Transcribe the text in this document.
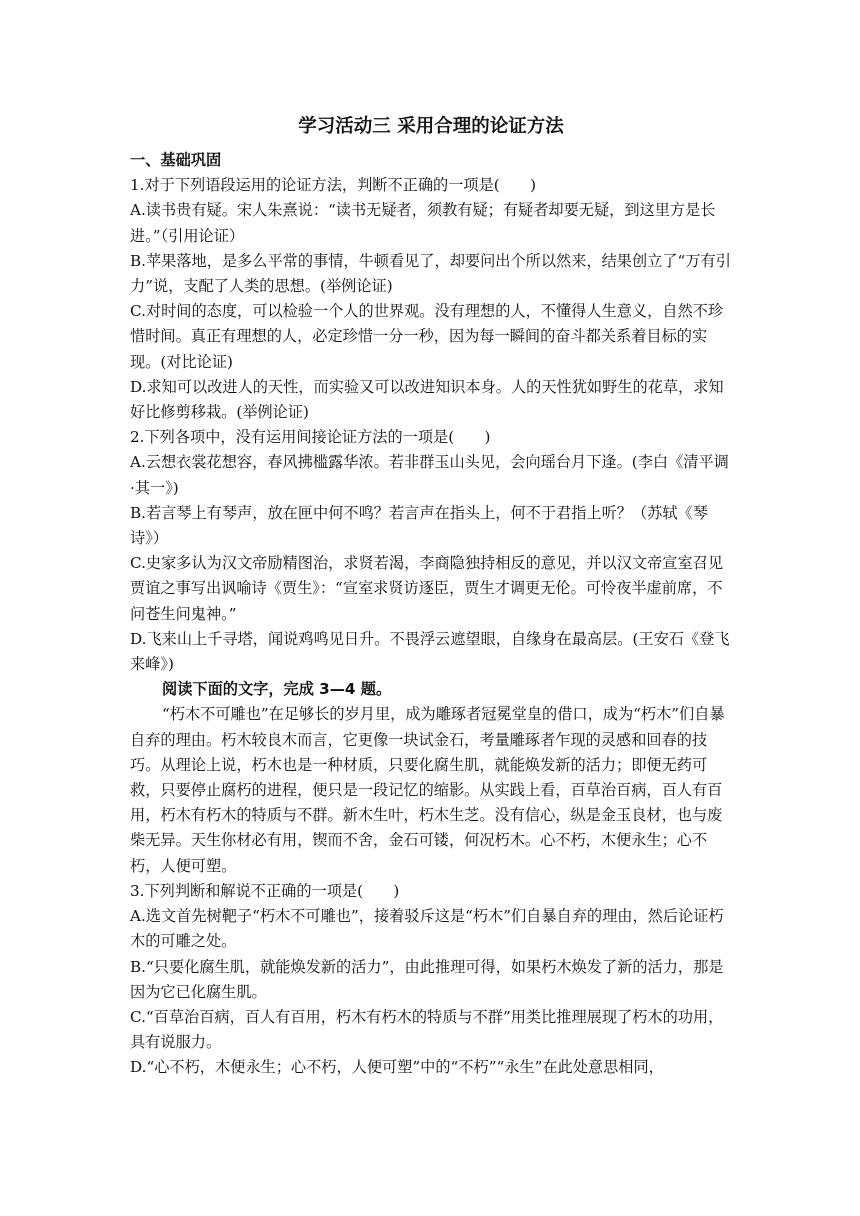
学习活动三 采用合理的论证方法

一、基础巩固

1.对于下列语段运用的论证方法，判断不正确的一项是(　　)

A.读书贵有疑。宋人朱熹说：“读书无疑者，须教有疑；有疑者却要无疑，到这里方是长进。”（引用论证）

B.苹果落地，是多么平常的事情，牛顿看见了，却要问出个所以然来，结果创立了“万有引力”说，支配了人类的思想。(举例论证)

C.对时间的态度，可以检验一个人的世界观。没有理想的人，不懂得人生意义，自然不珍惜时间。真正有理想的人，必定珍惜一分一秒，因为每一瞬间的奋斗都关系着目标的实现。(对比论证)

D.求知可以改进人的天性，而实验又可以改进知识本身。人的天性犹如野生的花草，求知好比修剪移栽。(举例论证)

2.下列各项中，没有运用间接论证方法的一项是(　　)

A.云想衣裳花想容，春风拂槛露华浓。若非群玉山头见，会向瑶台月下逢。(李白《清平调·其一》)

B.若言琴上有琴声，放在匣中何不鸣？若言声在指头上，何不于君指上听？（苏轼《琴诗》）

C.史家多认为汉文帝励精图治，求贤若渴，李商隐独持相反的意见，并以汉文帝宣室召见贾谊之事写出讽喻诗《贾生》：“宣室求贤访逐臣，贾生才调更无伦。可怜夜半虚前席，不问苍生问鬼神。”

D.飞来山上千寻塔，闻说鸡鸣见日升。不畏浮云遮望眼，自缘身在最高层。(王安石《登飞来峰》)

阅读下面的文字，完成 3—4 题。

“朽木不可雕也”在足够长的岁月里，成为雕琢者冠冕堂皇的借口，成为“朽木”们自暴自弃的理由。朽木较良木而言，它更像一块试金石，考量雕琢者乍现的灵感和回春的技巧。从理论上说，朽木也是一种材质，只要化腐生肌，就能焕发新的活力；即便无药可救，只要停止腐朽的进程，便只是一段记忆的缩影。从实践上看，百草治百病，百人有百用，朽木有朽木的特质与不群。新木生叶，朽木生芝。没有信心，纵是金玉良材，也与废柴无异。天生你材必有用，锲而不舍，金石可镂，何况朽木。心不朽，木便永生；心不朽，人便可塑。

3.下列判断和解说不正确的一项是(　　)

A.选文首先树靶子“朽木不可雕也”，接着驳斥这是“朽木”们自暴自弃的理由，然后论证朽木的可雕之处。

B.“只要化腐生肌，就能焕发新的活力”，由此推理可得，如果朽木焕发了新的活力，那是因为它已化腐生肌。

C.“百草治百病，百人有百用，朽木有朽木的特质与不群”用类比推理展现了朽木的功用，具有说服力。

D.“心不朽，木便永生；心不朽，人便可塑”中的“不朽”“永生”在此处意思相同，
